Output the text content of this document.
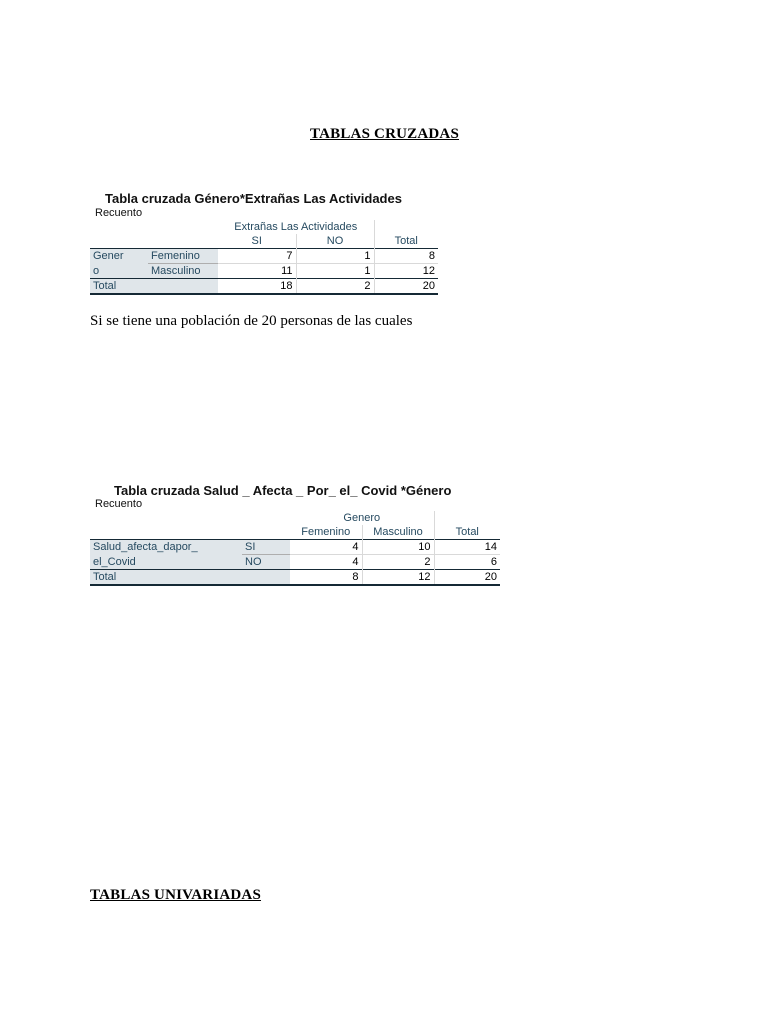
TABLAS CRUZADAS
Tabla cruzada Género*Extrañas Las Actividades
Recuento
		Extrañas Las Actividades		
		SI	NO	Total
Gener	Femenino	7	1	8
o	Masculino	11	1	12
Total		18	2	20
Si se tiene una población de 20 personas de las cuales
Tabla cruzada Salud _ Afecta _ Por_ el_ Covid *Género
Recuento
		Genero		
		Femenino	Masculino	Total
Salud_afecta_dapor_	SI	4	10	14
el_Covid	NO	4	2	6
Total		8	12	20
TABLAS UNIVARIADAS
